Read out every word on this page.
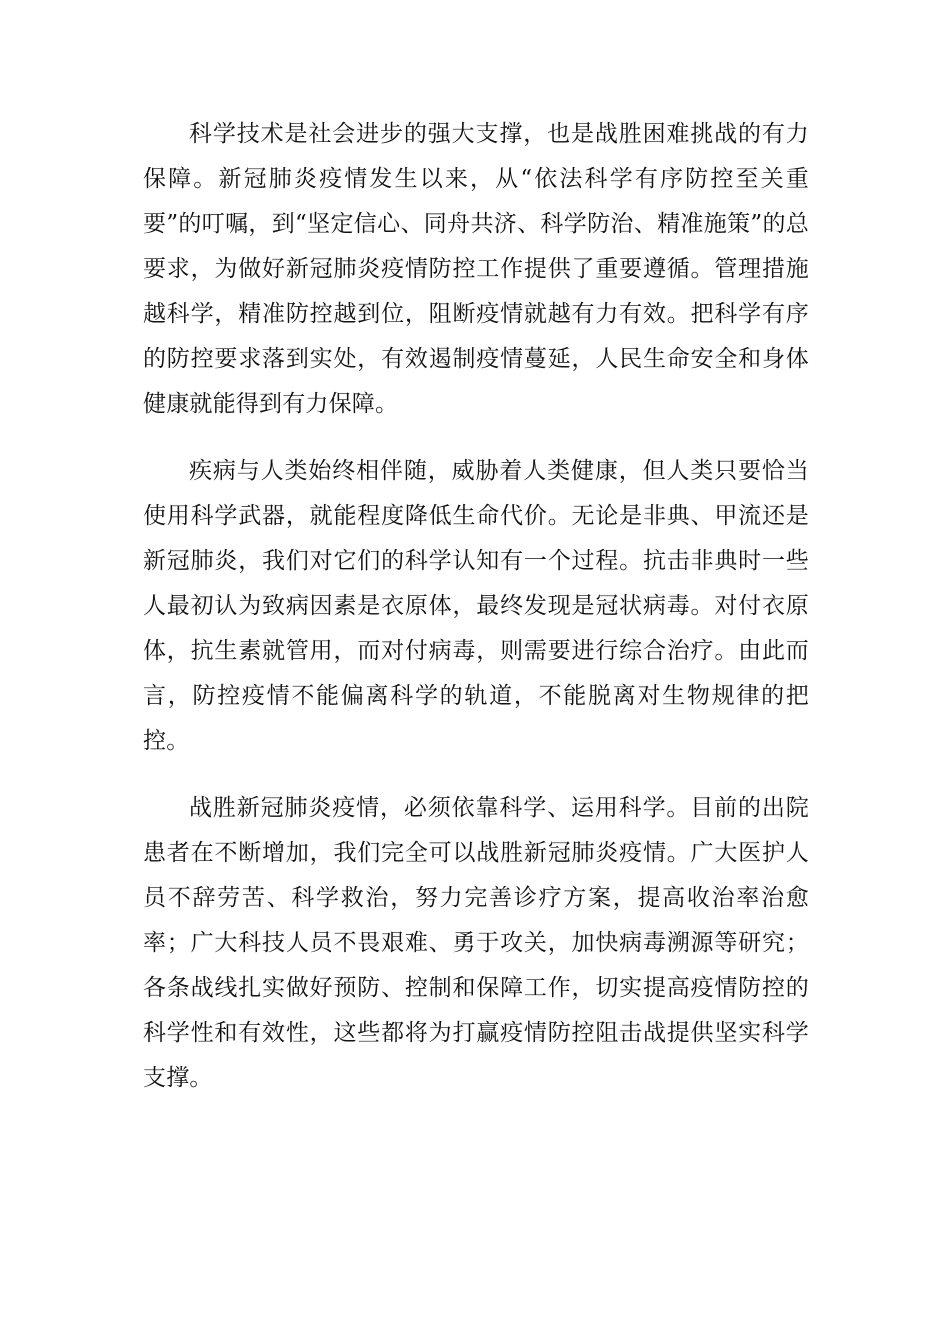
科学技术是社会进步的强大支撑，也是战胜困难挑战的有力保障。新冠肺炎疫情发生以来，从“依法科学有序防控至关重要”的叮嘱，到“坚定信心、同舟共济、科学防治、精准施策”的总要求，为做好新冠肺炎疫情防控工作提供了重要遵循。管理措施越科学，精准防控越到位，阻断疫情就越有力有效。把科学有序的防控要求落到实处，有效遏制疫情蔓延，人民生命安全和身体健康就能得到有力保障。

疾病与人类始终相伴随，威胁着人类健康，但人类只要恰当使用科学武器，就能程度降低生命代价。无论是非典、甲流还是新冠肺炎，我们对它们的科学认知有一个过程。抗击非典时一些人最初认为致病因素是衣原体，最终发现是冠状病毒。对付衣原体，抗生素就管用，而对付病毒，则需要进行综合治疗。由此而言，防控疫情不能偏离科学的轨道，不能脱离对生物规律的把控。

战胜新冠肺炎疫情，必须依靠科学、运用科学。目前的出院患者在不断增加，我们完全可以战胜新冠肺炎疫情。广大医护人员不辞劳苦、科学救治，努力完善诊疗方案，提高收治率治愈率；广大科技人员不畏艰难、勇于攻关，加快病毒溯源等研究；各条战线扎实做好预防、控制和保障工作，切实提高疫情防控的科学性和有效性，这些都将为打赢疫情防控阻击战提供坚实科学支撑。
